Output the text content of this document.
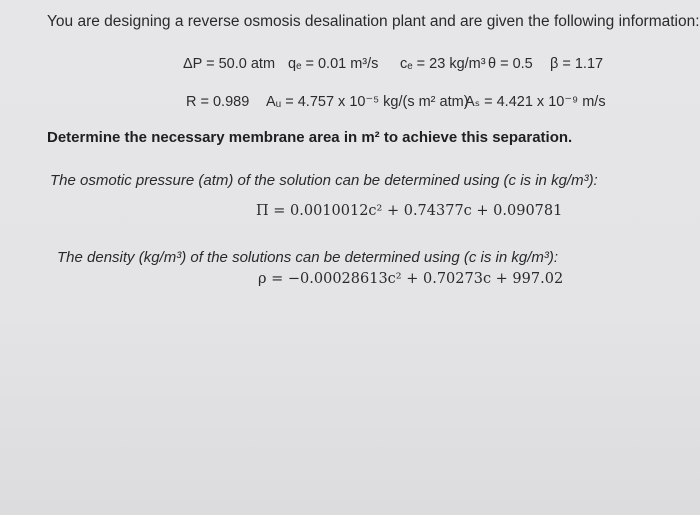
You are designing a reverse osmosis desalination plant and are given the following information:
ΔP = 50.0 atm qₑ = 0.01 m³/s cₑ = 23 kg/m³ θ = 0.5 β = 1.17
R = 0.989 Aᵤ = 4.757 x 10⁻⁵ kg/(s m² atm)
Aₛ = 4.421 x 10⁻⁹ m/s
Determine the necessary membrane area in m² to achieve this separation.
The osmotic pressure (atm) of the solution can be determined using (c is in kg/m³):
Π = 0.0010012c² + 0.74377c + 0.090781
The density (kg/m³) of the solutions can be determined using (c is in kg/m³):
ρ = −0.00028613c² + 0.70273c + 997.02
